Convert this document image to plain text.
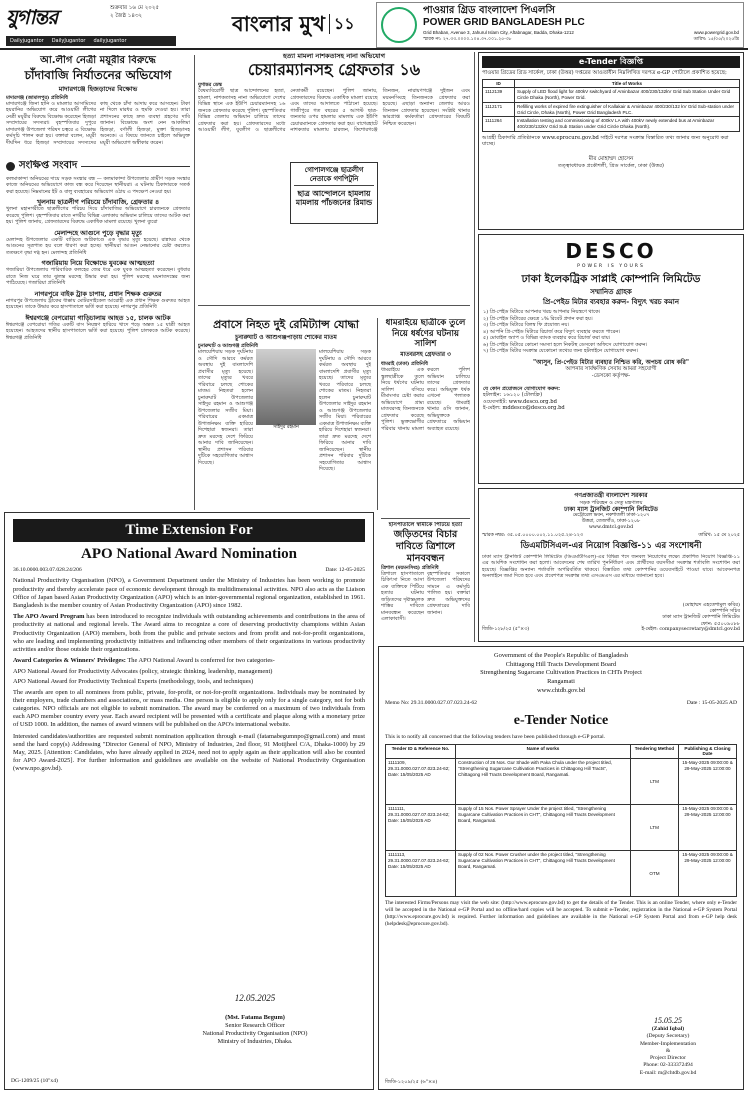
যুগান্তর	শুক্রবার ১৬ মে ২০২৫
২ জৈষ্ঠ ১৪৩২
Dailyjugantor DailyJugantor dailyjugantor
বাংলার মুখ ১১
পাওয়ার গ্রিড বাংলাদেশ পিএলসি
POWER GRID BANGLADESH PLC
Grid Bhaban, Avenue 3, Jahurul Islam City, Aftabnagar, Badda, Dhaka-1212
স্মারক নং: ২৭.৩৩.০০০০.১০৪.৩৭.০০১.২৫-৩৮
www.powergrid.gov.bd
তারিখ: ১৫/০৫/২০২৫খ্রি
আ.লীগ নেত্রী ময়ূরীর বিরুদ্ধে
চাঁদাবাজি নির্যাতনের অভিযোগ
মাদারগঞ্জে হিজড়াদের বিক্ষোভ
মাদারগঞ্জ (জামালপুর) প্রতিনিধি
মাদারগঞ্জে জিনা হানি ও মামলার আসামিদের হয়রানির অভিযোগ করে আওয়ামী লীগের নেত্রী ময়ূরীর বিরুদ্ধে বিক্ষোভ করেছেন হিজড়া সম্প্রদায়ের সদস্যরা। বৃহস্পতিবার দুপুরে মাদারগঞ্জ উপজেলা পরিষদ চত্বরে এ বিক্ষোভ কর্মসূচি পালন করা হয়। বক্তারা বলেন, ময়ূরী দীর্ঘদিন ধরে হিজড়া সম্প্রদায়ের সদস্যদের কাছ থেকে চাঁদা আদায় করে আসছেন। টাকা না দিলে মারধর ও হুমকি দেওয়া হয়। তারা প্রশাসনের কাছে দ্রুত ব্যবস্থা গ্রহণের দাবি জানান। বিক্ষোভে অংশ নেন আকলিমা হিজড়া, বর্ণালী হিজড়া, মুক্তা হিজড়াসহ অনেকে। এ বিষয়ে জানতে চাইলে অভিযুক্ত ময়ূরী অভিযোগ অস্বীকার করেন।
সংক্ষিপ্ত সংবাদ
কলমাকান্দা অনিয়মের দায়ে সড়ক সংস্কার বন্ধ — কলমাকান্দা উপজেলার গ্রামীণ সড়ক সংস্কার কাজে অনিয়মের অভিযোগে কাজ বন্ধ করে দিয়েছেন স্থানীয়রা। এ ঘটনায় ঠিকাদারকে সতর্ক করা হয়েছে। নিম্নমানের ইট ও বালু ব্যবহারের অভিযোগ ওঠায় এ পদক্ষেপ নেওয়া হয়।
খুলনায় ছাত্রলীগ পরিচয়ে চাঁদাবাজি, গ্রেফতার ৪
খুলনা মহানগরীতে ছাত্রলীগের পরিচয় দিয়ে চাঁদাবাজির অভিযোগে চারজনকে গ্রেফতার করেছে পুলিশ। বৃহস্পতিবার রাতে নগরীর বিভিন্ন এলাকায় অভিযান চালিয়ে তাদের আটক করা হয়। পুলিশ জানায়, গ্রেফতারদের বিরুদ্ধে একাধিক মামলা রয়েছে। খুলনা ব্যুরো
মেলান্দহে আগুনে পুড়ে বৃদ্ধার মৃত্যু
মেলান্দহ উপজেলার একটি বাড়িতে অগ্নিকাণ্ডে এক বৃদ্ধার মৃত্যু হয়েছে। রান্নাঘর থেকে আগুনের সূত্রপাত হয় বলে ধারণা করা হচ্ছে। স্থানীয়রা আগুন নেভানোর চেষ্টা করলেও ততক্ষণে বৃদ্ধা দগ্ধ হন। মেলান্দহ প্রতিনিধি
গজারিয়ায় নিয়ে বিক্ষোভে যুবকের আত্মহত্যা
গজারিয়া উপজেলায় পারিবারিক কলহের জের ধরে এক যুবক আত্মহত্যা করেছেন। বুধবার রাতে নিজ ঘরে তার ঝুলন্ত মরদেহ উদ্ধার করা হয়। পুলিশ মরদেহ ময়নাতদন্তের জন্য পাঠিয়েছে। গজারিয়া প্রতিনিধি
নাগরপুরে বাইক ট্রাক চাপায়, প্রধান শিক্ষক গুরুতর
নাগরপুর উপজেলায় ট্রাকের ধাক্কায় মোটরসাইকেল আরোহী এক প্রধান শিক্ষক গুরুতর আহত হয়েছেন। তাকে উদ্ধার করে হাসপাতালে ভর্তি করা হয়েছে। নাগরপুর প্রতিনিধি
ঈশ্বরগঞ্জে বেপরোয়া গাড়িচালায় আহত ১৫, চালক আটক
ঈশ্বরগঞ্জে বেপরোয়া গতির একটি বাস নিয়ন্ত্রণ হারিয়ে খাদে পড়ে অন্তত ১৫ যাত্রী আহত হয়েছেন। আহতদের স্থানীয় হাসপাতালে ভর্তি করা হয়েছে। পুলিশ চালককে আটক করেছে। ঈশ্বরগঞ্জ প্রতিনিধি
হত্যা মামলা নাশকতাসহ নানা অভিযোগ
চেয়ারম্যানসহ গ্রেফতার ১৬
যুগান্তর ডেস্ক
বৈষম্যবিরোধী ছাত্র আন্দোলনের হত্যা, হামলা, নাশকতাসহ নানা অভিযোগে দেশের বিভিন্ন স্থানে এক ইউপি চেয়ারম্যানসহ ১৬ জনকে গ্রেফতার করেছে পুলিশ। বৃহস্পতিবার বিভিন্ন জেলায় অভিযান চালিয়ে তাদের গ্রেফতার করা হয়। গ্রেফতারদের মধ্যে আওয়ামী লীগ, যুবলীগ ও ছাত্রলীগের নেতাকর্মী রয়েছেন। পুলিশ জানায়, গ্রেফতারদের বিরুদ্ধে একাধিক মামলা রয়েছে এবং তাদের আদালতে পাঠানো হয়েছে। গাজীপুরে গত বছরের ৫ আগস্ট ছাত্র-জনতার ওপর হামলার মামলায় এক ইউপি চেয়ারম্যানকে গ্রেফতার করা হয়। বাগেরহাটে নাশকতার মামলায় চারজন, কিশোরগঞ্জে তিনজন, নারায়ণগঞ্জে দুইজন এবং ময়মনসিংহে তিনজনকে গ্রেফতার করা হয়েছে। এছাড়া অন্যান্য জেলায় আরও তিনজন গ্রেফতার হয়েছেন। সংশ্লিষ্ট থানার ভারপ্রাপ্ত কর্মকর্তারা গ্রেফতারের বিষয়টি নিশ্চিত করেছেন।
গোপালগঞ্জে ছাত্রলীগ নেতাকে গণপিটুনি
ছাত্র আন্দোলনে হামলায় মামলায় পাঁচজনের রিমান্ড
প্রবাসে নিহত দুই রেমিট্যান্স যোদ্ধা
চুনারুঘাট ও আশুগঞ্জপাড়ায় শোকের মাতম
চুনারুঘাট ও আশুগঞ্জ প্রতিনিধি
মালয়েশিয়ায় সড়ক দুর্ঘটনায় ও সৌদি আরবে কর্মরত অবস্থায় দুই বাংলাদেশি প্রবাসীর মৃত্যু হয়েছে। তাদের মৃত্যুর খবরে পরিবারে চলছে শোকের মাতম। নিহতরা হলেন চুনারুঘাট উপজেলার সাইদুর রহমান ও আশুগঞ্জ উপজেলার সজীব মিয়া। পরিবারের একমাত্র উপার্জনক্ষম ব্যক্তি হারিয়ে দিশেহারা স্বজনরা। তারা দ্রুত মরদেহ দেশে ফিরিয়ে আনার দাবি জানিয়েছেন। স্থানীয় প্রশাসন পরিবার দুটিকে সহযোগিতার আশ্বাস দিয়েছে।
সাইদুর রহমান
মালয়েশিয়ায় সড়ক দুর্ঘটনায় ও সৌদি আরবে কর্মরত অবস্থায় দুই বাংলাদেশি প্রবাসীর মৃত্যু হয়েছে। তাদের মৃত্যুর খবরে পরিবারে চলছে শোকের মাতম। নিহতরা হলেন চুনারুঘাট উপজেলার সাইদুর রহমান ও আশুগঞ্জ উপজেলার সজীব মিয়া। পরিবারের একমাত্র উপার্জনক্ষম ব্যক্তি হারিয়ে দিশেহারা স্বজনরা। তারা দ্রুত মরদেহ দেশে ফিরিয়ে আনার দাবি জানিয়েছেন। স্থানীয় প্রশাসন পরিবার দুটিকে সহযোগিতার আশ্বাস দিয়েছে।
ধামরাইয়ে ছাত্রীকে তুলে নিয়ে ধর্ষণের ঘটনায় সালিশ
মাতবরসহ গ্রেফতার ৩
ধামরাই (ঢাকা) প্রতিনিধি
ধামরাইয়ে এক স্কুলছাত্রীকে তুলে নিয়ে ধর্ষণের ঘটনায় সালিশ বসিয়ে মীমাংসার চেষ্টা করার অভিযোগে গ্রাম্য মাতবরসহ তিনজনকে গ্রেফতার করেছে পুলিশ। ভুক্তভোগীর পরিবার থানায় মামলা করলে পুলিশ অভিযান চালিয়ে তাদের গ্রেফতার করে। অভিযুক্ত ধর্ষক এখনো পলাতক রয়েছে। ধামরাই থানার ওসি জানান, অভিযুক্তকে গ্রেফতারে অভিযান অব্যাহত রয়েছে।
হাসপাতালে স্বামীকে পিটিয়ে হত্যা
জড়িতদের বিচার দাবিতে ত্রিশালে মানববন্ধন
ত্রিশাল (ময়মনসিংহ) প্রতিনিধি
ত্রিশালে হাসপাতালে চিকিৎসা নিতে আসা এক ব্যক্তিকে পিটিয়ে হত্যার ঘটনায় জড়িতদের দৃষ্টান্তমূলক শাস্তির দাবিতে মানববন্ধন করেছেন এলাকাবাসী। বৃহস্পতিবার সকালে উপজেলা পরিষদের সামনে এ কর্মসূচি পালিত হয়। বক্তারা দ্রুত অভিযুক্তদের গ্রেফতারের দাবি জানান।
e-Tender বিজ্ঞপ্তি
পাওয়ার গ্রিডের গ্রিড সার্কেল, ঢাকা (উত্তর) দপ্তরের আওতাধীন নিম্নলিখিত দরপত্র e-GP পোর্টালে প্রকাশিত হয়েছে:
ID	Title of Works
1112139	Supply of LED flood light for 400kV switchyard of Aminbazar 400/230/132kV Grid Sub Station Under Grid Circle Dhaka (North), Power Grid.
1112171	Refilling works of expired fire extinguisher of Kallakair & Aminbazar 400/230/132 kV Grid Sub-station under Grid Circle, Dhaka (North), Power Grid Bangladesh PLC.
1111264	Installation testing and commissioning of 400kV LA with 400kV newly extended bus at Aminbazar 400/230/132kV Grid Sub Station under Grid Circle Dhaka (North).
আগ্রহী ঠিকাদারি প্রতিষ্ঠানকে www.eprocure.gov.bd সাইটে দরপত্র সংক্রান্ত বিস্তারিত তথ্য জানার জন্য অনুরোধ করা যাচ্ছে।
মীর মোহাম্মদ হোসেন
তত্ত্বাবধায়ক প্রকৌশলী, গ্রিড সার্কেল, ঢাকা (উত্তর)
DESCO
POWER IS YOURS
ঢাকা ইলেকট্রিক সাপ্লাই কোম্পানি লিমিটেড
সম্মানিত গ্রাহক
প্রি-পেইড মিটার ব্যবহার করুন- বিদ্যুৎ খরচ কমান
১) প্রি-পেইড মিটারে আপনার খরচ আপনার নিয়ন্ত্রণে থাকে।
২) প্রি-পেইড মিটারের ক্ষেত্রে ১% রিবেট প্রদান করা হয়।
৩) প্রি-পেইড মিটারে বিলম্ব ফি প্রযোজ্য নয়।
৪) আপনি প্রি-পেইড মিটারে রিচার্জ করে বিদ্যুৎ ব্যবহার করতে পারেন।
৫) মোবাইল অ্যাপ ও বিভিন্ন ব্যাংক ব্যবহার করে রিচার্জ করা যায়।
৬) প্রি-পেইড মিটারে কোনো সমস্যা হলে নিকটস্থ ডেসকো অফিসে যোগাযোগ করুন।
৭) প্রি-পেইড মিটার সংক্রান্ত যেকোনো তথ্যের জন্য হটলাইনে যোগাযোগ করুন।
"আসুন, প্রি-পেইড মিটার ব্যবহার নিশ্চিত করি, অপচয় রোধ করি"
আপনার সার্বক্ষণিক সেবায় আমরা সহযোগী
-ডেসকো কর্তৃপক্ষ-
যে কোন প্রয়োজনে যোগাযোগ করুন:
হটলাইন: ১৬১২০ (টোলফ্রি)
ওয়েবসাইট: www.desco.org.bd
ই-মেইল: mddesco@desco.org.bd
গণপ্রজাতন্ত্রী বাংলাদেশ সরকার
সড়ক পরিবহন ও সেতু মন্ত্রণালয়
ঢাকা ম্যাস ট্রানজিট কোম্পানি লিমিটেড
মেট্রোরেল ভবন, নকশাতলী ঢাকা-১২০৭
উত্তরা, তেজগাঁও, ঢাকা-১২০৮
www.dmtcl.gov.bd
স্মারক নম্বর: ৩৫.০৫.০০০০.০০২.১১.০২৫.২৪-১২৩	তারিখ: ১৫ মে ২০২৫
ডিএমটিসিএল-এর নিয়োগ বিজ্ঞপ্তি-১১ এর সংশোধনী
ঢাকা ম্যাস ট্রানজিট কোম্পানি লিমিটেড (ডিএমটিসিএল)-এর বিভিন্ন পদে জনবল নিয়োগের লক্ষ্যে প্রকাশিত নিয়োগ বিজ্ঞপ্তি-১১ এর আংশিক সংশোধন করা হলো। আবেদনের শেষ তারিখ পুনর্নির্ধারণ এবং প্রার্থীদের বয়সসীমা সংক্রান্ত শর্তাবলি সংশোধন করা হয়েছে। বিজ্ঞপ্তির অন্যান্য শর্তাবলি অপরিবর্তিত থাকবে। বিস্তারিত তথ্য কোম্পানির ওয়েবসাইটে পাওয়া যাবে। আবেদনপত্র অনলাইনে জমা দিতে হবে এবং প্রবেশপত্র সংক্রান্ত তথ্য এসএমএস এর মাধ্যমে জানানো হবে।
(মোহাম্মদ এহতেশামুল কবির)
কোম্পানি সচিব
ঢাকা ম্যাস ট্রানজিট কোম্পানি লিমিটেড
ফোন: ৫৫০০৯০৮৮
জিডি-১২৮/২৫ (৫"×৩)	ই-মেইল: companysecretary@dmtcl.gov.bd
Time Extension For
APO National Award Nomination
36.10.0000.003.07.028.24/206	Date: 12-05-2025

National Productivity Organisation (NPO), a Government Department under the Ministry of Industries has been working to promote productivity and thereby accelerate pace of economic development through its multidimensional activities. NPO also acts as the Liaison Office of Japan based Asian Productivity Organization (APO) which is an inter-governmental regional organization, established in 1961. Bangladesh is the member country of Asian Productivity Organization (APO) since 1982.

The APO Award Program has been introduced to recognize individuals with outstanding achievements and contributions in the area of productivity at national and regional levels. The Award aims to recognize a core of deserving productivity champions within Asian Productivity Organization (APO) members, both from the public and private sectors and from profit and not-for-profit organizations, who are leading and implementing productivity initiatives and influencing other members of their organizations in various productivity activities and/or those outside their organizations.

Award Categories & Winners' Privileges: The APO National Award is conferred for two categories-

APO National Award for Productivity Advocates (policy, strategic thinking, leadership, management)

APO National Award for Productivity Technical Experts (methodology, tools, and techniques)

The awards are open to all nominees from public, private, for-profit, or not-for-profit organizations. Individuals may be nominated by their employers, trade chambers and associations, or mass media. One person is eligible to apply only for a single category, not for both categories. NPO officials are not eligible to submit nomination. The award may be conferred on a maximum of two individuals from each APO member country every year. Each award recipient will be presented with a certificate and plaque along with a monetary prize of USD 1000. In addition, the names of award winners will be published on the APO's international website.

Interested candidates/authorities are requested submit nomination application through e-mail (fatamabegumnpo@gmail.com) and must send the hard copy(s) Addressing "Director General of NPO, Ministry of Industries, 2nd floor, 91 Motijheel C/A, Dhaka-1000) by 29 May, 2025. [Attention: Candidates, who have already applied in 2024, need not to apply again as their application will also be counted for APO Award-2025]. For further information and guidelines are available on the website of National Productivity Organisation (www.npo.gov.bd).

12.05.2025
(Mst. Fatama Begum)
Senior Research Officer
National Productivity Organisation (NPO)
Ministry of Industries, Dhaka.
DG-1209/25 (10"x4)
Government of the People's Republic of Bangladesh
Chittagong Hill Tracts Development Board
Strengthening Sugarcane Cultivation Practices in CHTs Project
Rangamati
www.chtdb.gov.bd
Memo No: 29.31.0000.027.07.023.24-62	Date : 15-05-2025 AD
e-Tender Notice
This is to notify all concerned that the following tenders have been published through e-GP portal.
Tender ID & Reference No.	Name of works	Tendering Method	Publishing & Closing Date
1111109, 29.31.0000.027.07.023.24-62; Date: 15/05/2025 AD	Construction of 26 Nos. Gur Shade with Paka Chula under the project titled, "Strengthening Sugarcane Cultivation Practices in Chittagong Hill Tracts", Chittagong Hill Tracts Development Board, Rangamati.	LTM	15-May-2025 09:00:00 & 29-May-2025 12:00:00
1111111, 29.31.0000.027.07.023.24-62; Date: 15/05/2025 AD	Supply of 15 Nos. Power Sprayer Under the project titled, "Strengthening Sugarcane Cultivation Practices in CHT", Chittagong Hill Tracts Development Board, Rangamati.	LTM	15-May-2025 09:00:00 & 29-May-2025 12:00:00
1111113, 29.31.0000.027.07.023.24-62; Date: 15/05/2025 AD	Supply of 02 Nos. Power Crusher under the project titled, "Strengthening Sugarcane Cultivation Practices in CHT", Chittagong Hill Tracts Development Board, Rangamati.	OTM	15-May-2025 09:00:00 & 29-May-2025 12:00:00
The interested Firms/Persons may visit the web site: (http://www.eprocure.gov.bd) to get the details of the Tender. This is an online Tender, where only e-Tender will be accepted in the National e-GP Portal and no offline/hard copies will be accepted. To submit e-Tender, registration in the National e-GP System Portal (http://www.eprocure.gov.bd) is required. Further information and guidelines are available in the National e-GP System Portal and from e-GP help desk (helpdesk@eprocure.gov.bd).
15.05.25
(Zahid Iqbal)
(Deputy Secretary)
Member-Implementation
&
Project Director
Phone: 02-333372494
E-mail: m@chtdb.gov.bd
জিডি-১২০৯/২৫ (৬"×৪)
